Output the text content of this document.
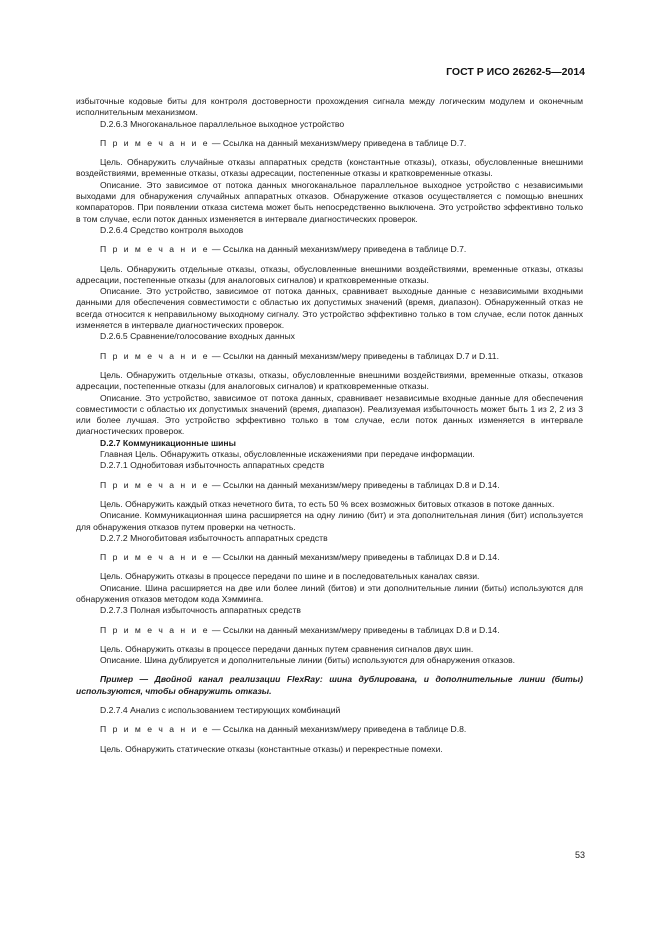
ГОСТ Р ИСО 26262-5—2014

избыточные кодовые биты для контроля достоверности прохождения сигнала между логическим модулем и оконечным исполнительным механизмом.

D.2.6.3 Многоканальное параллельное выходное устройство

П р и м е ч а н и е — Ссылка на данный механизм/меру приведена в таблице D.7.

Цель. Обнаружить случайные отказы аппаратных средств (константные отказы), отказы, обусловленные внешними воздействиями, временные отказы, отказы адресации, постепенные отказы и кратковременные отказы.

Описание. Это зависимое от потока данных многоканальное параллельное выходное устройство с независимыми выходами для обнаружения случайных аппаратных отказов. Обнаружение отказов осуществляется с помощью внешних компараторов. При появлении отказа система может быть непосредственно выключена. Это устройство эффективно только в том случае, если поток данных изменяется в интервале диагностических проверок.

D.2.6.4 Средство контроля выходов

П р и м е ч а н и е — Ссылка на данный механизм/меру приведена в таблице D.7.

Цель. Обнаружить отдельные отказы, отказы, обусловленные внешними воздействиями, временные отказы, отказы адресации, постепенные отказы (для аналоговых сигналов) и кратковременные отказы.

Описание. Это устройство, зависимое от потока данных, сравнивает выходные данные с независимыми входными данными для обеспечения совместимости с областью их допустимых значений (время, диапазон). Обнаруженный отказ не всегда относится к неправильному выходному сигналу. Это устройство эффективно только в том случае, если поток данных изменяется в интервале диагностических проверок.

D.2.6.5 Сравнение/голосование входных данных

П р и м е ч а н и е — Ссылки на данный механизм/меру приведены в таблицах D.7 и D.11.

Цель. Обнаружить отдельные отказы, отказы, обусловленные внешними воздействиями, временные отказы, отказов адресации, постепенные отказы (для аналоговых сигналов) и кратковременные отказы.

Описание. Это устройство, зависимое от потока данных, сравнивает независимые входные данные для обеспечения совместимости с областью их допустимых значений (время, диапазон). Реализуемая избыточность может быть 1 из 2, 2 из 3 или более лучшая. Это устройство эффективно только в том случае, если поток данных изменяется в интервале диагностических проверок.

D.2.7 Коммуникационные шины

Главная Цель. Обнаружить отказы, обусловленные искажениями при передаче информации.

D.2.7.1 Однобитовая избыточность аппаратных средств

П р и м е ч а н и е — Ссылки на данный механизм/меру приведены в таблицах D.8 и D.14.

Цель. Обнаружить каждый отказ нечетного бита, то есть 50 % всех возможных битовых отказов в потоке данных.

Описание. Коммуникационная шина расширяется на одну линию (бит) и эта дополнительная линия (бит) используется для обнаружения отказов путем проверки на четность.

D.2.7.2 Многобитовая избыточность аппаратных средств

П р и м е ч а н и е — Ссылки на данный механизм/меру приведены в таблицах D.8 и D.14.

Цель. Обнаружить отказы в процессе передачи по шине и в последовательных каналах связи.

Описание. Шина расширяется на две или более линий (битов) и эти дополнительные линии (биты) используются для обнаружения отказов методом кода Хэмминга.

D.2.7.3 Полная избыточность аппаратных средств

П р и м е ч а н и е — Ссылки на данный механизм/меру приведены в таблицах D.8 и D.14.

Цель. Обнаружить отказы в процессе передачи данных путем сравнения сигналов двух шин.

Описание. Шина дублируется и дополнительные линии (биты) используются для обнаружения отказов.

Пример — Двойной канал реализации FlexRay: шина дублирована, и дополнительные линии (биты) используются, чтобы обнаружить отказы.

D.2.7.4 Анализ с использованием тестирующих комбинаций

П р и м е ч а н и е — Ссылка на данный механизм/меру приведена в таблице D.8.

Цель. Обнаружить статические отказы (константные отказы) и перекрестные помехи.

53
